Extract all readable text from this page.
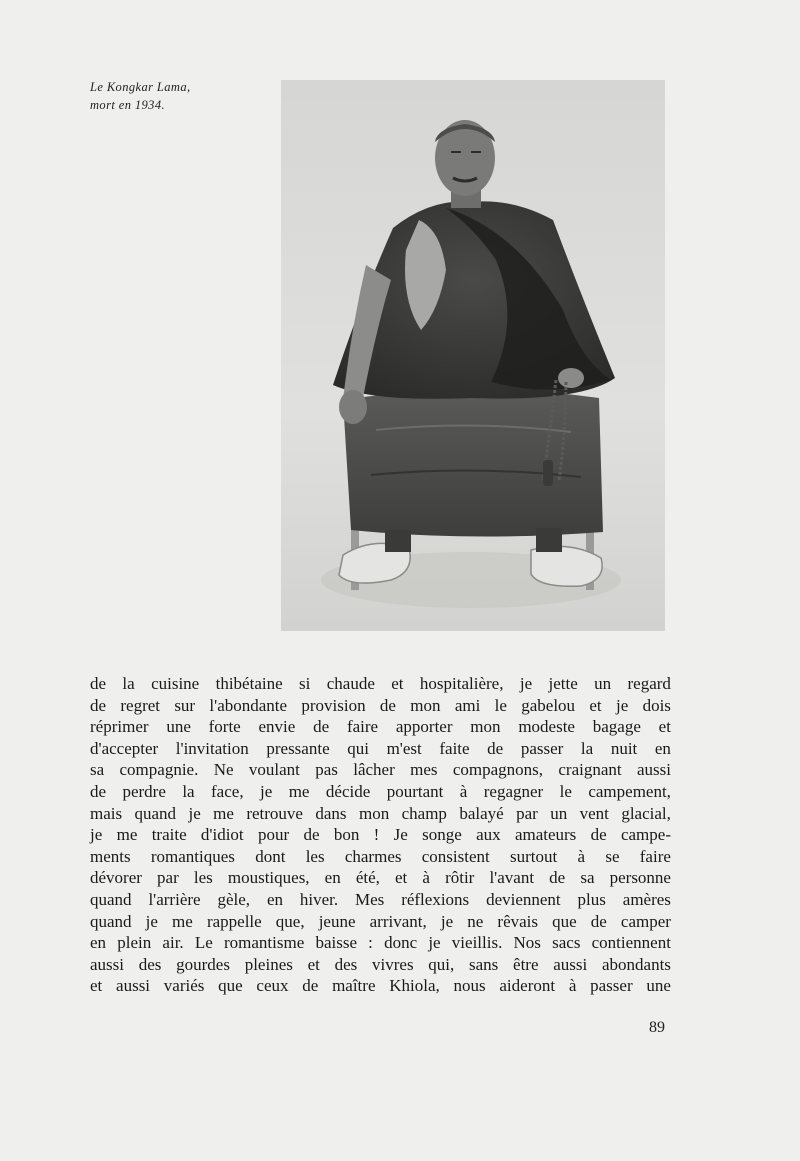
Le Kongkar Lama,
mort en 1934.
de la cuisine thibétaine si chaude et hospitalière, je jette un regard
de regret sur l'abondante provision de mon ami le gabelou et je dois
réprimer une forte envie de faire apporter mon modeste bagage et
d'accepter l'invitation pressante qui m'est faite de passer la nuit en
sa compagnie. Ne voulant pas lâcher mes compagnons, craignant aussi
de perdre la face, je me décide pourtant à regagner le campement,
mais quand je me retrouve dans mon champ balayé par un vent glacial,
je me traite d'idiot pour de bon ! Je songe aux amateurs de campe-
ments romantiques dont les charmes consistent surtout à se faire
dévorer par les moustiques, en été, et à rôtir l'avant de sa personne
quand l'arrière gèle, en hiver. Mes réflexions deviennent plus amères
quand je me rappelle que, jeune arrivant, je ne rêvais que de camper
en plein air. Le romantisme baisse : donc je vieillis. Nos sacs contiennent
aussi des gourdes pleines et des vivres qui, sans être aussi abondants
et aussi variés que ceux de maître Khiola, nous aideront à passer une
89
